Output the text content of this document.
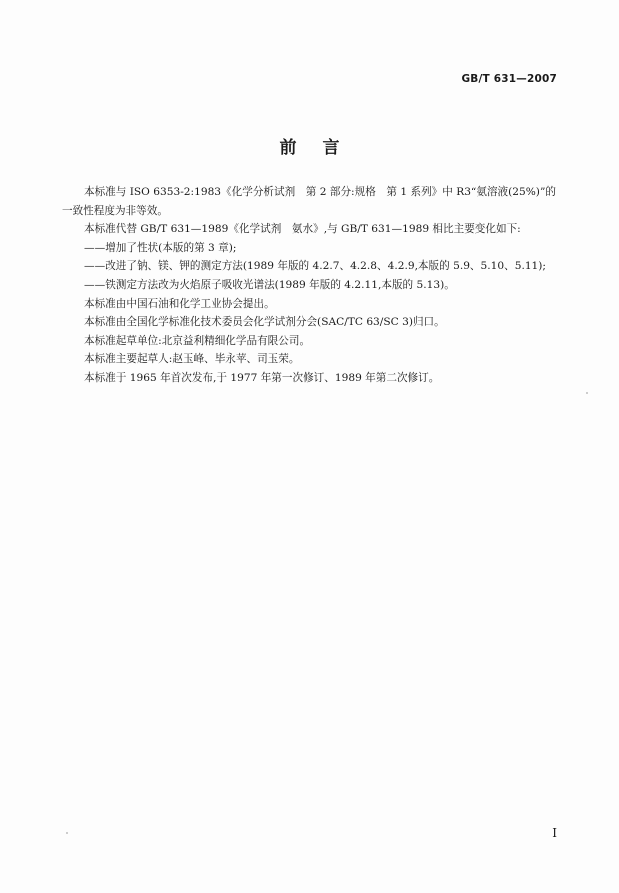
GB/T 631—2007
前言

本标准与 ISO 6353-2:1983《化学分析试剂　第 2 部分:规格　第 1 系列》中 R3“氨溶液(25%)”的一致性程度为非等效。

本标准代替 GB/T 631—1989《化学试剂　氨水》,与 GB/T 631—1989 相比主要变化如下:

——增加了性状(本版的第 3 章);

——改进了钠、镁、钾的测定方法(1989 年版的 4.2.7、4.2.8、4.2.9,本版的 5.9、5.10、5.11);

——铁测定方法改为火焰原子吸收光谱法(1989 年版的 4.2.11,本版的 5.13)。

本标准由中国石油和化学工业协会提出。

本标准由全国化学标准化技术委员会化学试剂分会(SAC/TC 63/SC 3)归口。

本标准起草单位:北京益利精细化学品有限公司。

本标准主要起草人:赵玉峰、毕永苹、司玉荣。

本标准于 1965 年首次发布,于 1977 年第一次修订、1989 年第二次修订。

I
